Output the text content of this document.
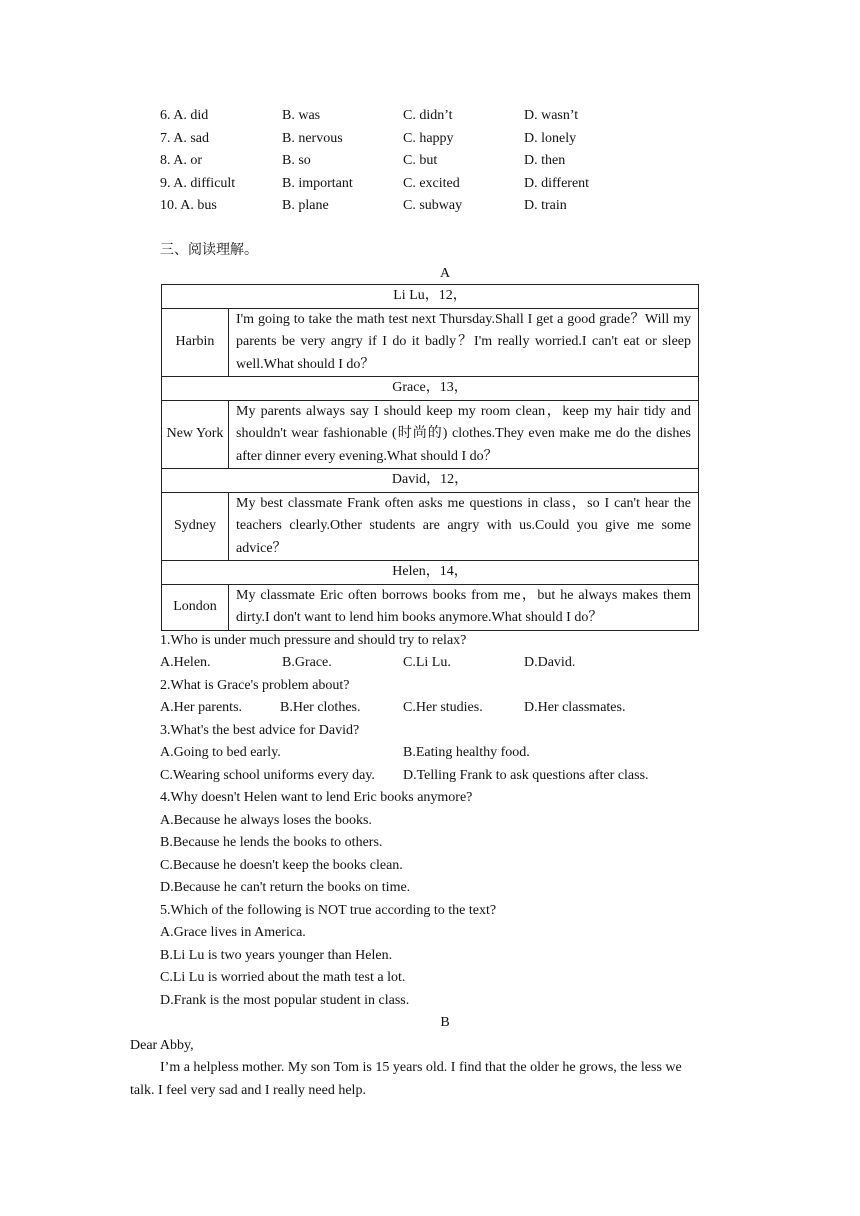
6. A. did	B. was	C. didn’t	D. wasn’t
7. A. sad	B. nervous	C. happy	D. lonely
8. A. or	B. so	C. but	D. then
9. A. difficult	B. important	C. excited	D. different
10. A. bus	B. plane	C. subway	D. train
三、阅读理解。
A
Li Lu，12，	
Harbin	I'm going to take the math test next Thursday.Shall I get a good grade？Will my parents be very angry if I do it badly？I'm really worried.I can't eat or sleep well.What should I do？
Grace，13，	
New York	My parents always say I should keep my room clean，keep my hair tidy and shouldn't wear fashionable (时尚的) clothes.They even make me do the dishes after dinner every evening.What should I do？
David，12，	
Sydney	My best classmate Frank often asks me questions in class，so I can't hear the teachers clearly.Other students are angry with us.Could you give me some advice？
Helen，14，	
London	My classmate Eric often borrows books from me，but he always makes them dirty.I don't want to lend him books anymore.What should I do？
1.Who is under much pressure and should try to relax?
A.Helen.	B.Grace.	C.Li Lu.	D.David.
2.What is Grace's problem about?
A.Her parents.	B.Her clothes.	C.Her studies.	D.Her classmates.
3.What's the best advice for David?
A.Going to bed early.	B.Eating healthy food.
C.Wearing school uniforms every day. D.Telling Frank to ask questions after class.
4.Why doesn't Helen want to lend Eric books anymore?
A.Because he always loses the books.
B.Because he lends the books to others.
C.Because he doesn't keep the books clean.
D.Because he can't return the books on time.
5.Which of the following is NOT true according to the text?
A.Grace lives in America.
B.Li Lu is two years younger than Helen.
C.Li Lu is worried about the math test a lot.
D.Frank is the most popular student in class.
B
Dear Abby,
I’m a helpless mother. My son Tom is 15 years old. I find that the older he grows, the less we
talk. I feel very sad and I really need help.
